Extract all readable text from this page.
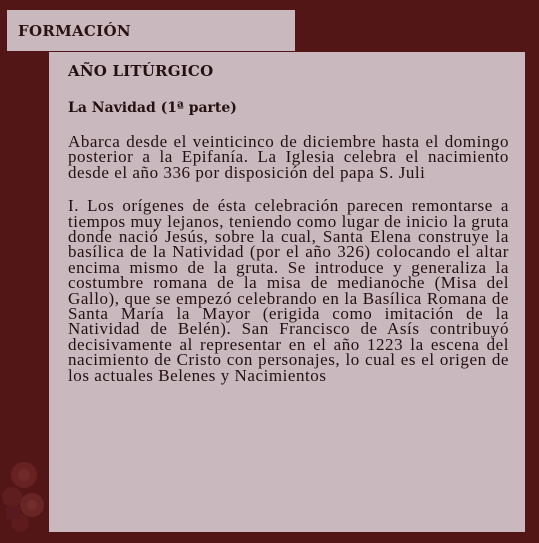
FORMACIÓN
AÑO LITÚRGICO
La Navidad (1ª parte)

Abarca desde el veinticinco de diciembre hasta el domingo posterior a la Epifanía. La Iglesia celebra el nacimiento desde el año 336 por disposición del papa S. Juli

I. Los orígenes de ésta celebración parecen remontarse a tiempos muy lejanos, teniendo como lugar de inicio la gruta donde nació Jesús, sobre la cual, Santa Elena construye la basílica de la Natividad (por el año 326) colocando el altar encima mismo de la gruta. Se introduce y generaliza la costumbre romana de la misa de medianoche (Misa del Gallo), que se empezó celebrando en la Basílica Romana de Santa María la Mayor (erigida como imitación de la Natividad de Belén). San Francisco de Asís contribuyó decisivamente al representar en el año 1223 la escena del nacimiento de Cristo con personajes, lo cual es el origen de los actuales Belenes y Nacimientos
